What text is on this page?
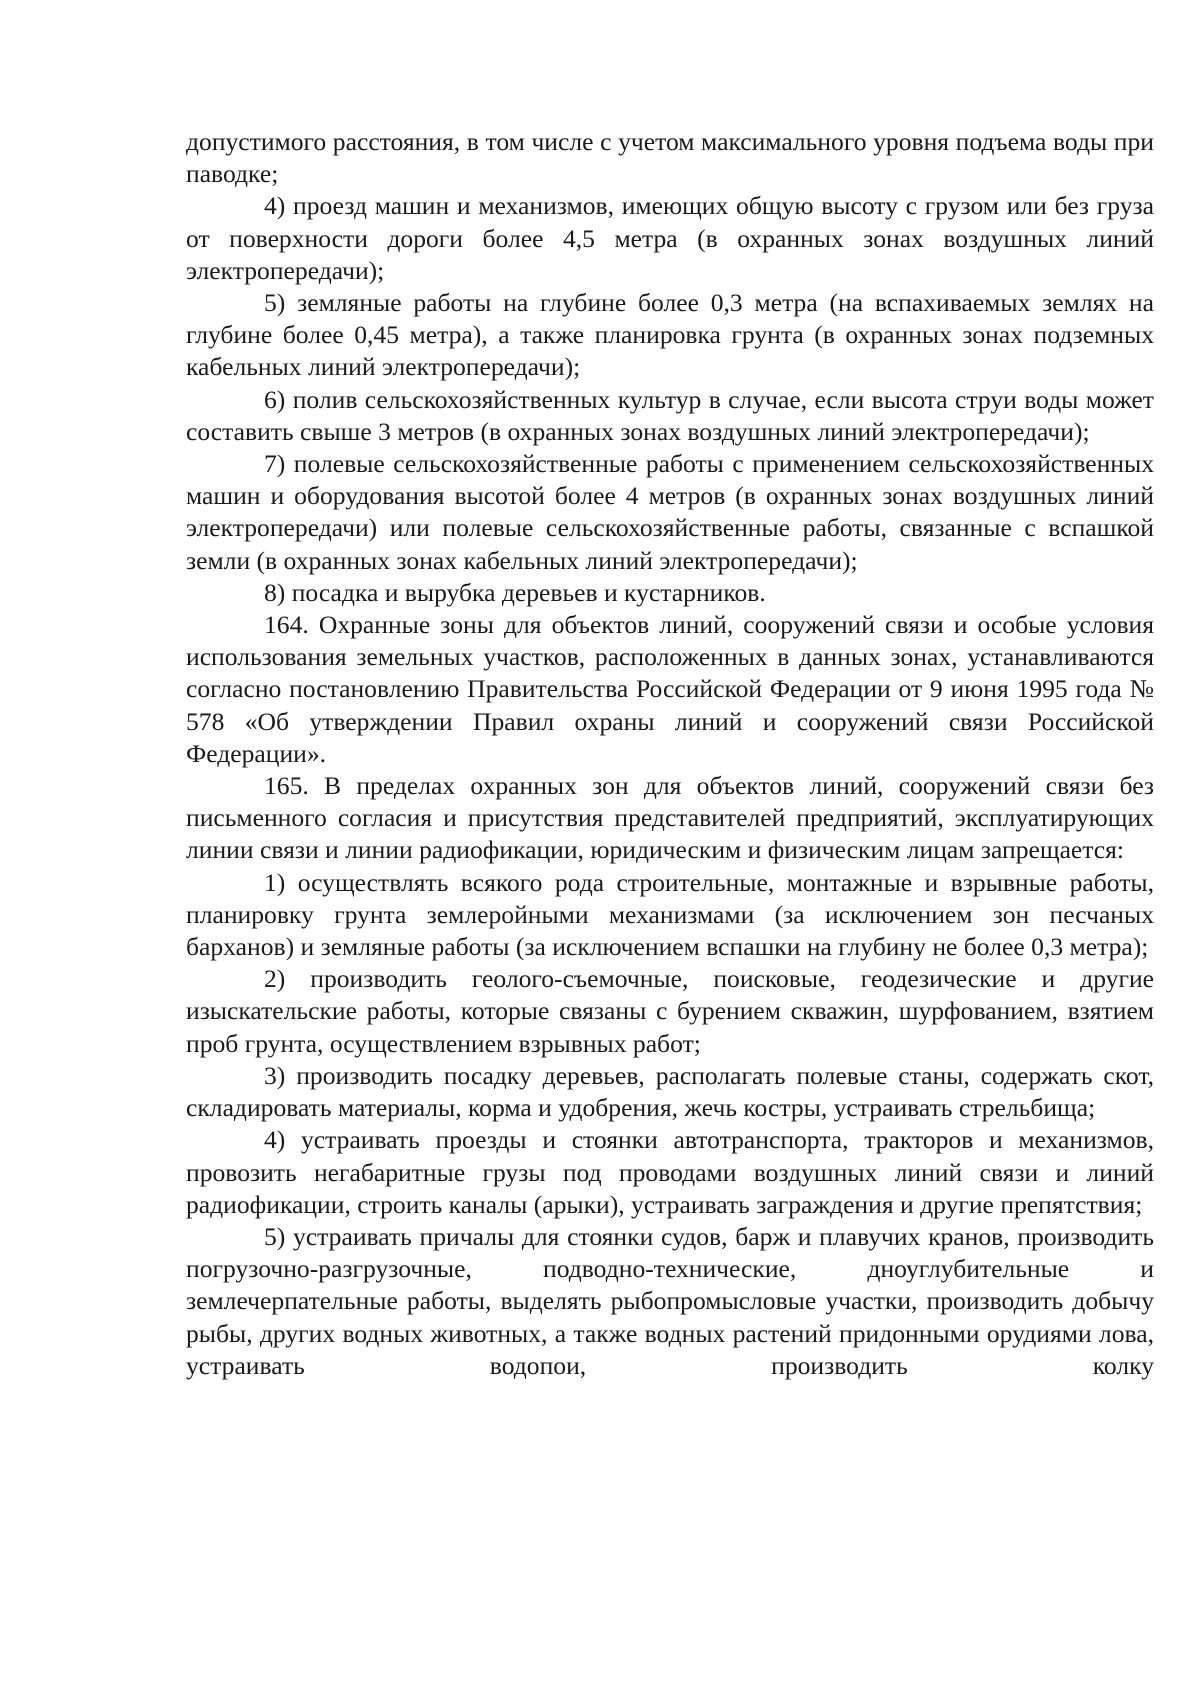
допустимого расстояния, в том числе с учетом максимального уровня подъема воды при паводке;

4) проезд машин и механизмов, имеющих общую высоту с грузом или без груза от поверхности дороги более 4,5 метра (в охранных зонах воздушных линий электропередачи);

5) земляные работы на глубине более 0,3 метра (на вспахиваемых землях на глубине более 0,45 метра), а также планировка грунта (в охранных зонах подземных кабельных линий электропередачи);

6) полив сельскохозяйственных культур в случае, если высота струи воды может составить свыше 3 метров (в охранных зонах воздушных линий электропередачи);

7) полевые сельскохозяйственные работы с применением сельскохозяйственных машин и оборудования высотой более 4 метров (в охранных зонах воздушных линий электропередачи) или полевые сельскохозяйственные работы, связанные с вспашкой земли (в охранных зонах кабельных линий электропередачи);

8) посадка и вырубка деревьев и кустарников.

164. Охранные зоны для объектов линий, сооружений связи и особые условия использования земельных участков, расположенных в данных зонах, устанавливаются согласно постановлению Правительства Российской Федерации от 9 июня 1995 года № 578 «Об утверждении Правил охраны линий и сооружений связи Российской Федерации».

165. В пределах охранных зон для объектов линий, сооружений связи без письменного согласия и присутствия представителей предприятий, эксплуатирующих линии связи и линии радиофикации, юридическим и физическим лицам запрещается:

1) осуществлять всякого рода строительные, монтажные и взрывные работы, планировку грунта землеройными механизмами (за исключением зон песчаных барханов) и земляные работы (за исключением вспашки на глубину не более 0,3 метра);

2) производить геолого-съемочные, поисковые, геодезические и другие изыскательские работы, которые связаны с бурением скважин, шурфованием, взятием проб грунта, осуществлением взрывных работ;

3) производить посадку деревьев, располагать полевые станы, содержать скот, складировать материалы, корма и удобрения, жечь костры, устраивать стрельбища;

4) устраивать проезды и стоянки автотранспорта, тракторов и механизмов, провозить негабаритные грузы под проводами воздушных линий связи и линий радиофикации, строить каналы (арыки), устраивать заграждения и другие препятствия;

5) устраивать причалы для стоянки судов, барж и плавучих кранов, производить погрузочно-разгрузочные, подводно-технические, дноуглубительные и землечерпательные работы, выделять рыбопромысловые участки, производить добычу рыбы, других водных животных, а также водных растений придонными орудиями лова, устраивать водопои, производить колку
